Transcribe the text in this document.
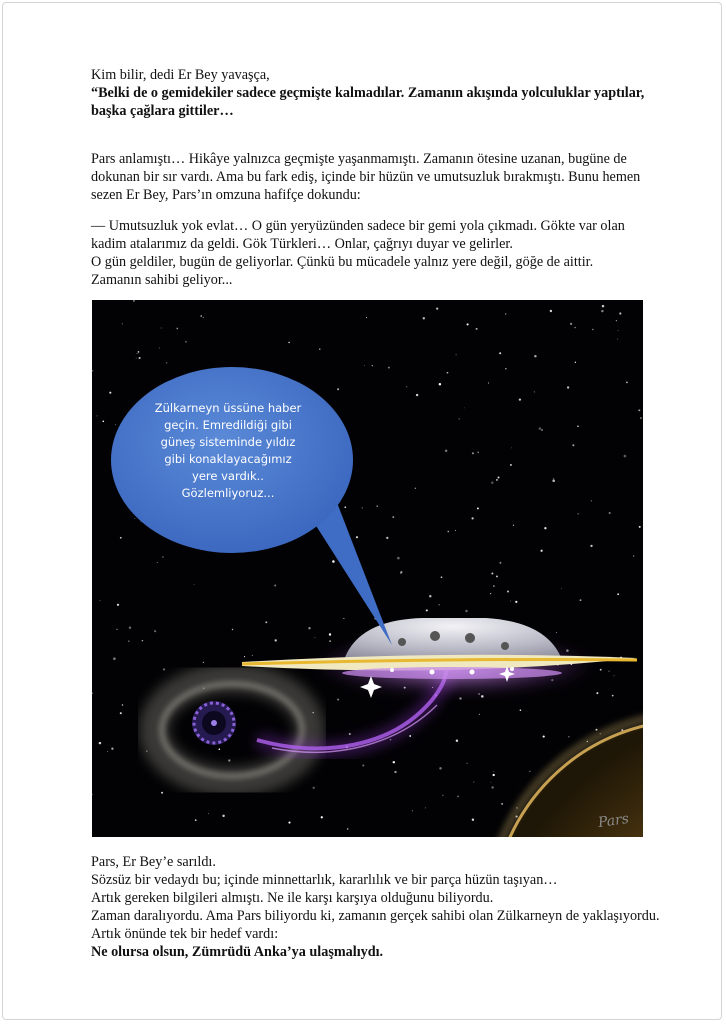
Kim bilir, dedi Er Bey yavaşça,

“Belki de o gemidekiler sadece geçmişte kalmadılar. Zamanın akışında yolculuklar yaptılar, başka çağlara gittiler…

Pars anlamıştı… Hikâye yalnızca geçmişte yaşanmamıştı. Zamanın ötesine uzanan, bugüne de dokunan bir sır vardı. Ama bu fark ediş, içinde bir hüzün ve umutsuzluk bırakmıştı. Bunu hemen sezen Er Bey, Pars’ın omzuna hafifçe dokundu:

— Umutsuzluk yok evlat… O gün yeryüzünden sadece bir gemi yola çıkmadı. Gökte var olan kadim atalarımız da geldi. Gök Türkleri… Onlar, çağrıyı duyar ve gelirler.

O gün geldiler, bugün de geliyorlar. Çünkü bu mücadele yalnız yere değil, göğe de aittir.

Zamanın sahibi geliyor...

Zülkarneyn üssüne haber
geçin. Emredildiği gibi
güneş sisteminde yıldız
gibi konaklayacağımız
yere vardık..
Gözlemliyoruz...
Pars

Pars, Er Bey’e sarıldı.

Sözsüz bir vedaydı bu; içinde minnettarlık, kararlılık ve bir parça hüzün taşıyan…

Artık gereken bilgileri almıştı. Ne ile karşı karşıya olduğunu biliyordu.

Zaman daralıyordu. Ama Pars biliyordu ki, zamanın gerçek sahibi olan Zülkarneyn de yaklaşıyordu. Artık önünde tek bir hedef vardı:

Ne olursa olsun, Zümrüdü Anka’ya ulaşmalıydı.
